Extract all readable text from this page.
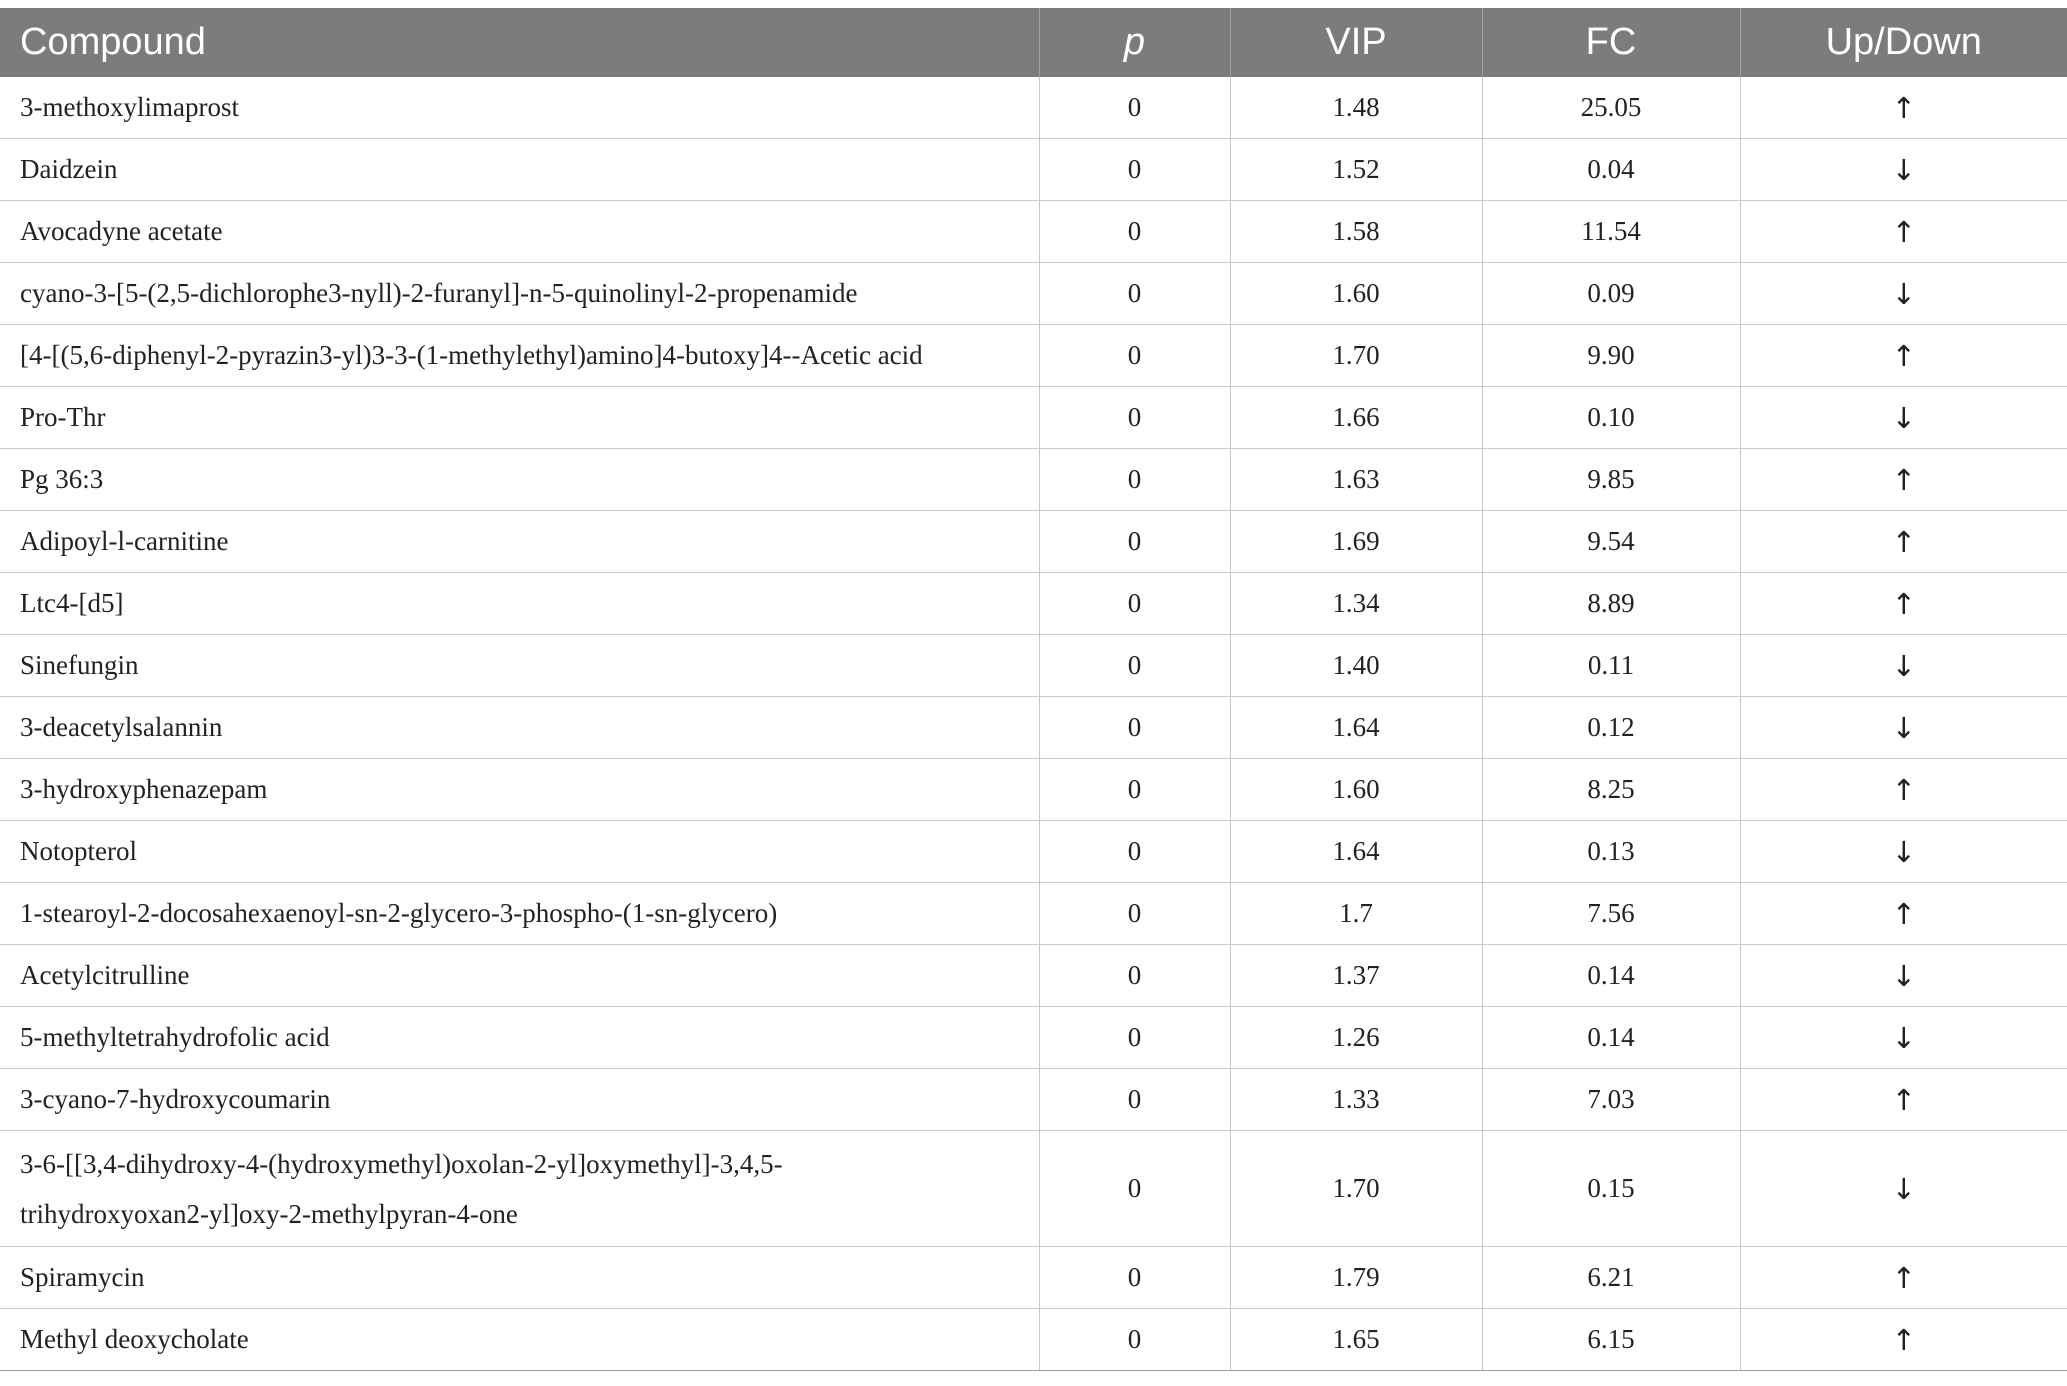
Compound	p	VIP	FC	Up/Down
3-methoxylimaprost	0	1.48	25.05	↑
Daidzein	0	1.52	0.04	↓
Avocadyne acetate	0	1.58	11.54	↑
cyano-3-[5-(2,5-dichlorophe3-nyll)-2-furanyl]-n-5-quinolinyl-2-propenamide	0	1.60	0.09	↓
[4-[(5,6-diphenyl-2-pyrazin3-yl)3-3-(1-methylethyl)amino]4-butoxy]4--Acetic acid	0	1.70	9.90	↑
Pro-Thr	0	1.66	0.10	↓
Pg 36:3	0	1.63	9.85	↑
Adipoyl-l-carnitine	0	1.69	9.54	↑
Ltc4-[d5]	0	1.34	8.89	↑
Sinefungin	0	1.40	0.11	↓
3-deacetylsalannin	0	1.64	0.12	↓
3-hydroxyphenazepam	0	1.60	8.25	↑
Notopterol	0	1.64	0.13	↓
1-stearoyl-2-docosahexaenoyl-sn-2-glycero-3-phospho-(1-sn-glycero)	0	1.7	7.56	↑
Acetylcitrulline	0	1.37	0.14	↓
5-methyltetrahydrofolic acid	0	1.26	0.14	↓
3-cyano-7-hydroxycoumarin	0	1.33	7.03	↑
3-6-[[3,4-dihydroxy-4-(hydroxymethyl)oxolan-2-yl]oxymethyl]-3,4,5-
trihydroxyoxan2-yl]oxy-2-methylpyran-4-one	0	1.70	0.15	↓
Spiramycin	0	1.79	6.21	↑
Methyl deoxycholate	0	1.65	6.15	↑
